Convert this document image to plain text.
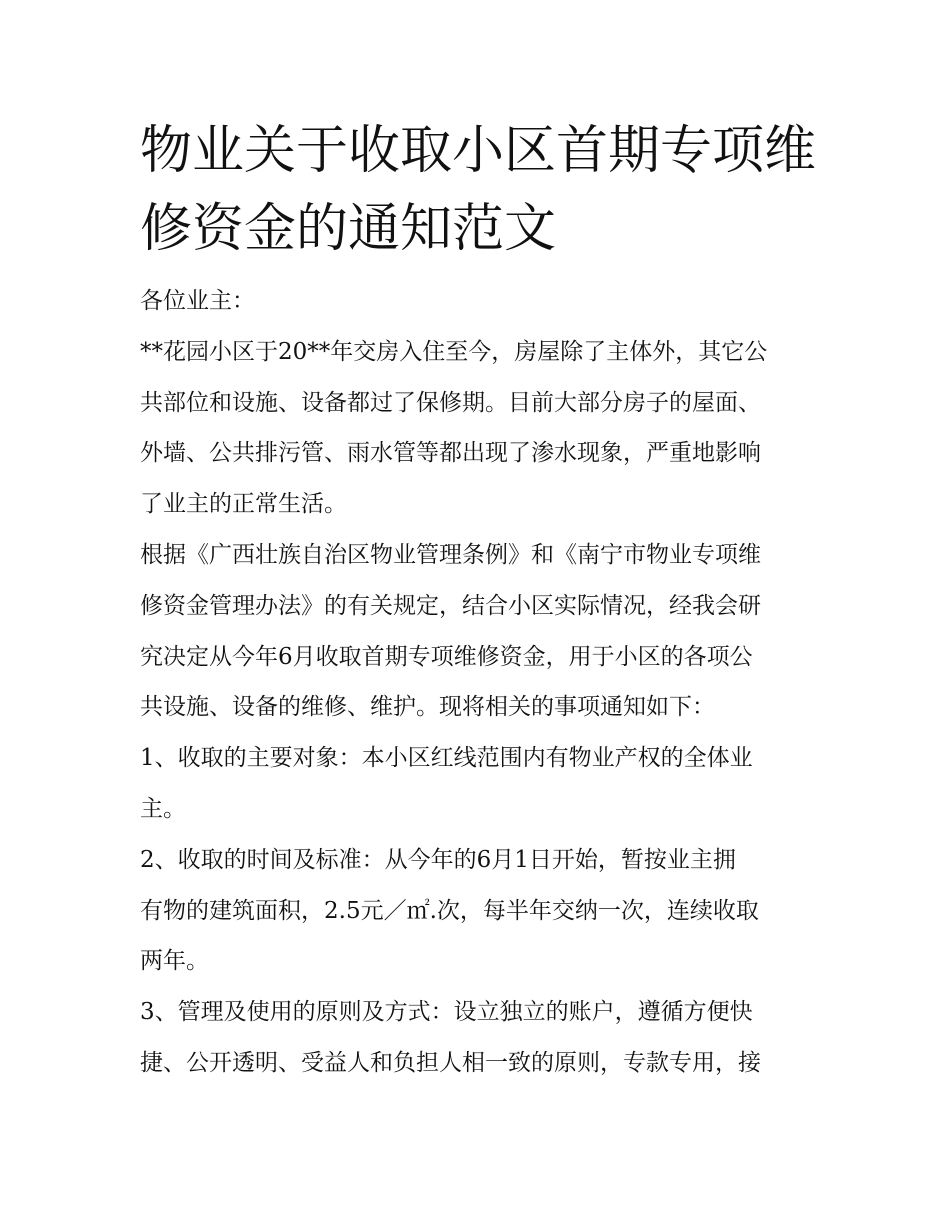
物业关于收取小区首期专项维
修资金的通知范文

各位业主：

**花园小区于20**年交房入住至今，房屋除了主体外，其它公
共部位和设施、设备都过了保修期。目前大部分房子的屋面、
外墙、公共排污管、雨水管等都出现了渗水现象，严重地影响
了业主的正常生活。

根据《广西壮族自治区物业管理条例》和《南宁市物业专项维
修资金管理办法》的有关规定，结合小区实际情况，经我会研
究决定从今年6月收取首期专项维修资金，用于小区的各项公
共设施、设备的维修、维护。现将相关的事项通知如下：

1、收取的主要对象：本小区红线范围内有物业产权的全体业
主。

2、收取的时间及标准：从今年的6月1日开始，暂按业主拥
有物的建筑面积，2.5元／㎡.次，每半年交纳一次，连续收取
两年。

3、管理及使用的原则及方式：设立独立的账户，遵循方便快
捷、公开透明、受益人和负担人相一致的原则，专款专用，接
